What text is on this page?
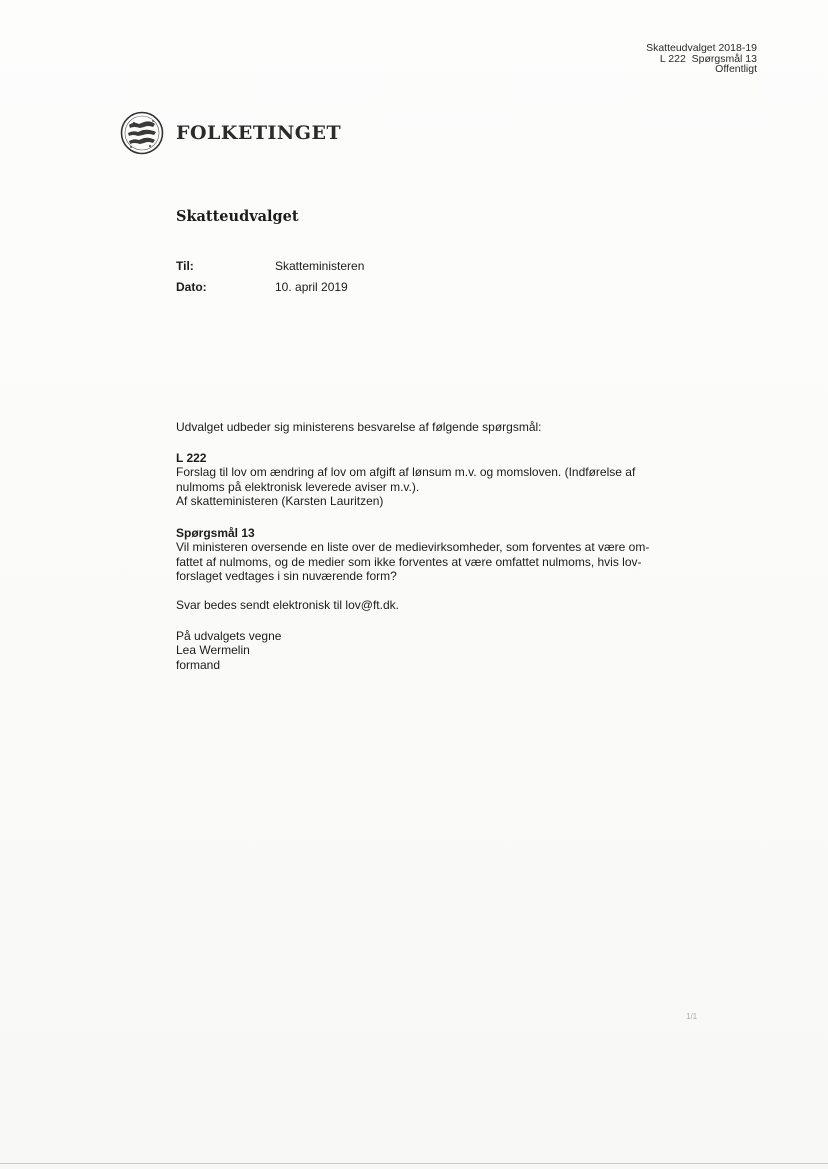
Skatteudvalget 2018-19
L 222  Spørgsmål 13
Offentligt
FOLKETINGET
Skatteudvalget
Til:	Skatteministeren
Dato:	10. april 2019
Udvalget udbeder sig ministerens besvarelse af følgende spørgsmål:
L 222
Forslag til lov om ændring af lov om afgift af lønsum m.v. og momsloven. (Indførelse af
nulmoms på elektronisk leverede aviser m.v.).
Af skatteministeren (Karsten Lauritzen)
Spørgsmål 13
Vil ministeren oversende en liste over de medievirksomheder, som forventes at være om-
fattet af nulmoms, og de medier som ikke forventes at være omfattet nulmoms, hvis lov-
forslaget vedtages i sin nuværende form?
Svar bedes sendt elektronisk til lov@ft.dk.
På udvalgets vegne
Lea Wermelin
formand
1/1
